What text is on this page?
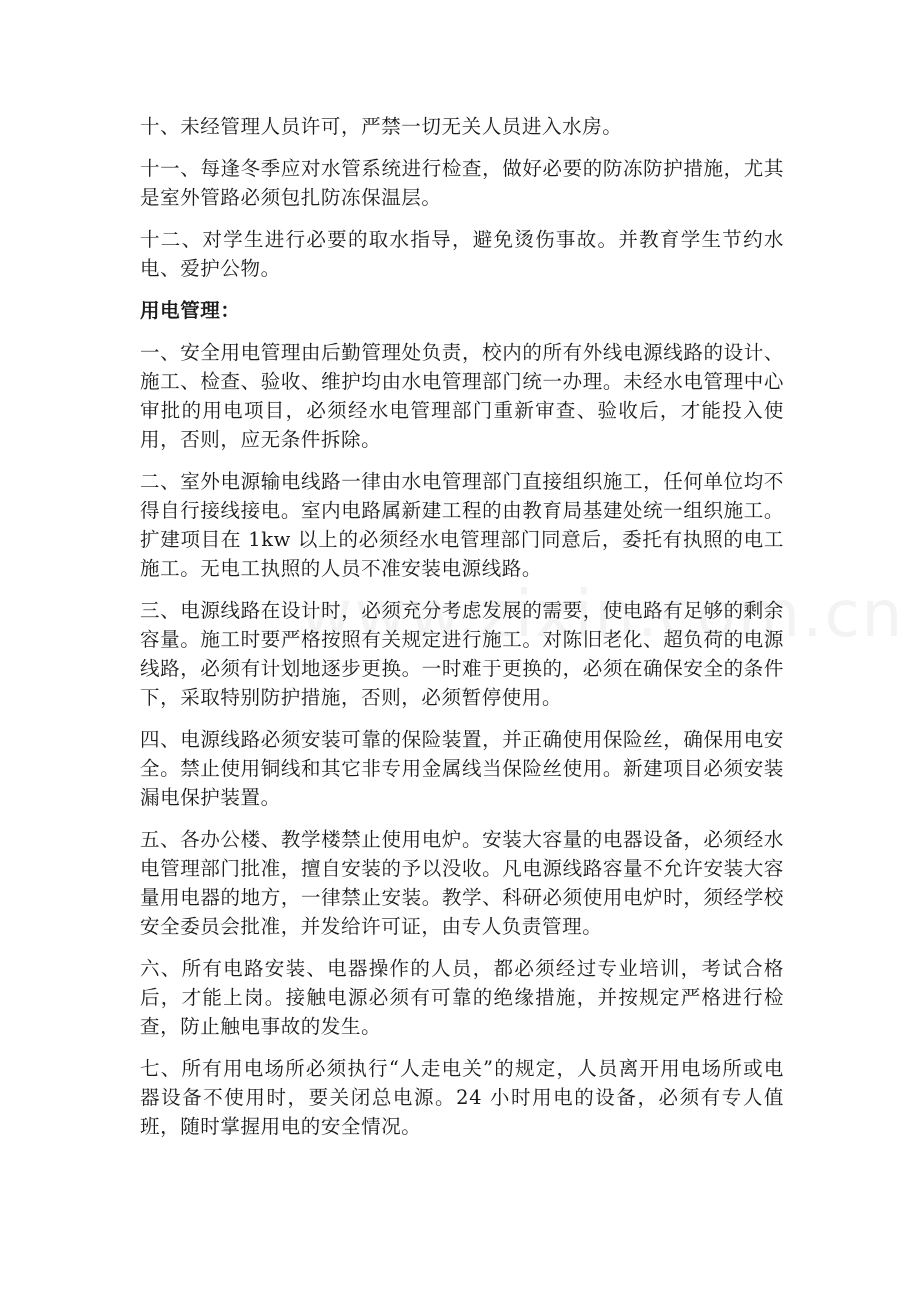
十、未经管理人员许可，严禁一切无关人员进入水房。

十一、每逢冬季应对水管系统进行检查，做好必要的防冻防护措施，尤其是室外管路必须包扎防冻保温层。

十二、对学生进行必要的取水指导，避免烫伤事故。并教育学生节约水电、爱护公物。

用电管理：

一、安全用电管理由后勤管理处负责，校内的所有外线电源线路的设计、施工、检查、验收、维护均由水电管理部门统一办理。未经水电管理中心审批的用电项目，必须经水电管理部门重新审查、验收后，才能投入使用，否则，应无条件拆除。

二、室外电源输电线路一律由水电管理部门直接组织施工，任何单位均不得自行接线接电。室内电路属新建工程的由教育局基建处统一组织施工。扩建项目在 1kw 以上的必须经水电管理部门同意后，委托有执照的电工施工。无电工执照的人员不准安装电源线路。

三、电源线路在设计时，必须充分考虑发展的需要，使电路有足够的剩余容量。施工时要严格按照有关规定进行施工。对陈旧老化、超负荷的电源线路，必须有计划地逐步更换。一时难于更换的，必须在确保安全的条件下，采取特别防护措施，否则，必须暂停使用。

四、电源线路必须安装可靠的保险装置，并正确使用保险丝，确保用电安全。禁止使用铜线和其它非专用金属线当保险丝使用。新建项目必须安装漏电保护装置。

五、各办公楼、教学楼禁止使用电炉。安装大容量的电器设备，必须经水电管理部门批准，擅自安装的予以没收。凡电源线路容量不允许安装大容量用电器的地方，一律禁止安装。教学、科研必须使用电炉时，须经学校安全委员会批准，并发给许可证，由专人负责管理。

六、所有电路安装、电器操作的人员，都必须经过专业培训，考试合格后，才能上岗。接触电源必须有可靠的绝缘措施，并按规定严格进行检查，防止触电事故的发生。

七、所有用电场所必须执行“人走电关”的规定，人员离开用电场所或电器设备不使用时，要关闭总电源。24 小时用电的设备，必须有专人值班，随时掌握用电的安全情况。
